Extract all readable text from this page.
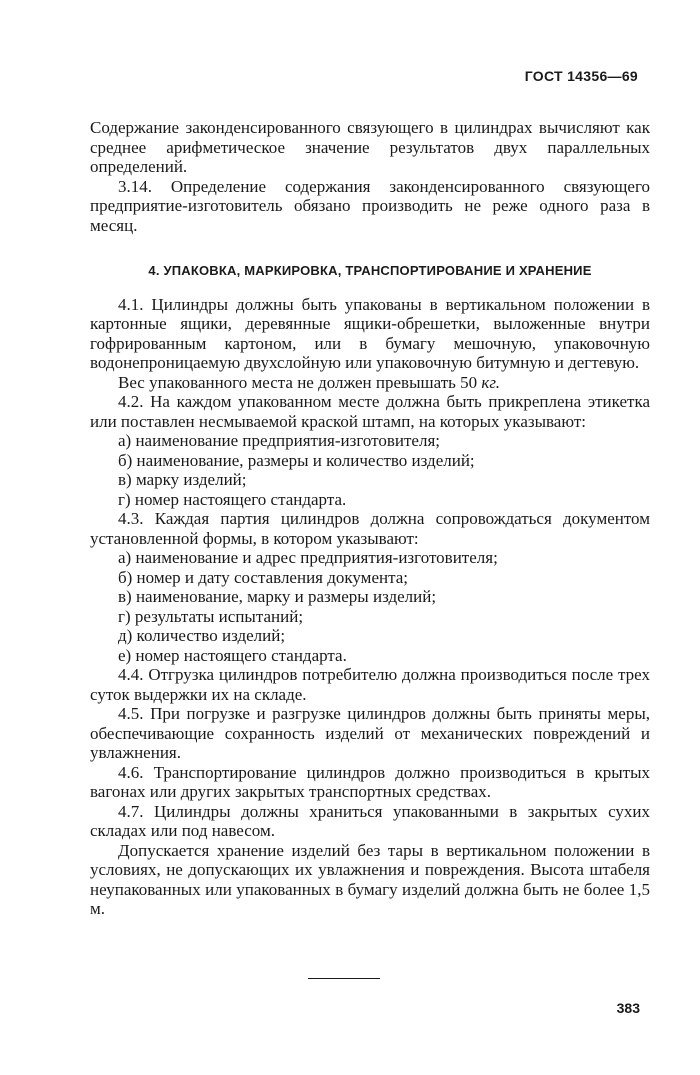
ГОСТ 14356—69

Содержание законденсированного связующего в цилиндрах вычисляют как среднее арифметическое значение результатов двух параллельных определений.

3.14. Определение содержания законденсированного связующего предприятие-изготовитель обязано производить не реже одного раза в месяц.

4. УПАКОВКА, МАРКИРОВКА, ТРАНСПОРТИРОВАНИЕ И ХРАНЕНИЕ

4.1. Цилиндры должны быть упакованы в вертикальном положении в картонные ящики, деревянные ящики-обрешетки, выложенные внутри гофрированным картоном, или в бумагу мешочную, упаковочную водонепроницаемую двухслойную или упаковочную битумную и дегтевую.

Вес упакованного места не должен превышать 50 кг.

4.2. На каждом упакованном месте должна быть прикреплена этикетка или поставлен несмываемой краской штамп, на которых указывают:

а) наименование предприятия-изготовителя;

б) наименование, размеры и количество изделий;

в) марку изделий;

г) номер настоящего стандарта.

4.3. Каждая партия цилиндров должна сопровождаться документом установленной формы, в котором указывают:

а) наименование и адрес предприятия-изготовителя;

б) номер и дату составления документа;

в) наименование, марку и размеры изделий;

г) результаты испытаний;

д) количество изделий;

е) номер настоящего стандарта.

4.4. Отгрузка цилиндров потребителю должна производиться после трех суток выдержки их на складе.

4.5. При погрузке и разгрузке цилиндров должны быть приняты меры, обеспечивающие сохранность изделий от механических повреждений и увлажнения.

4.6. Транспортирование цилиндров должно производиться в крытых вагонах или других закрытых транспортных средствах.

4.7. Цилиндры должны храниться упакованными в закрытых сухих складах или под навесом.

Допускается хранение изделий без тары в вертикальном положении в условиях, не допускающих их увлажнения и повреждения. Высота штабеля неупакованных или упакованных в бумагу изделий должна быть не более 1,5 м.

383
